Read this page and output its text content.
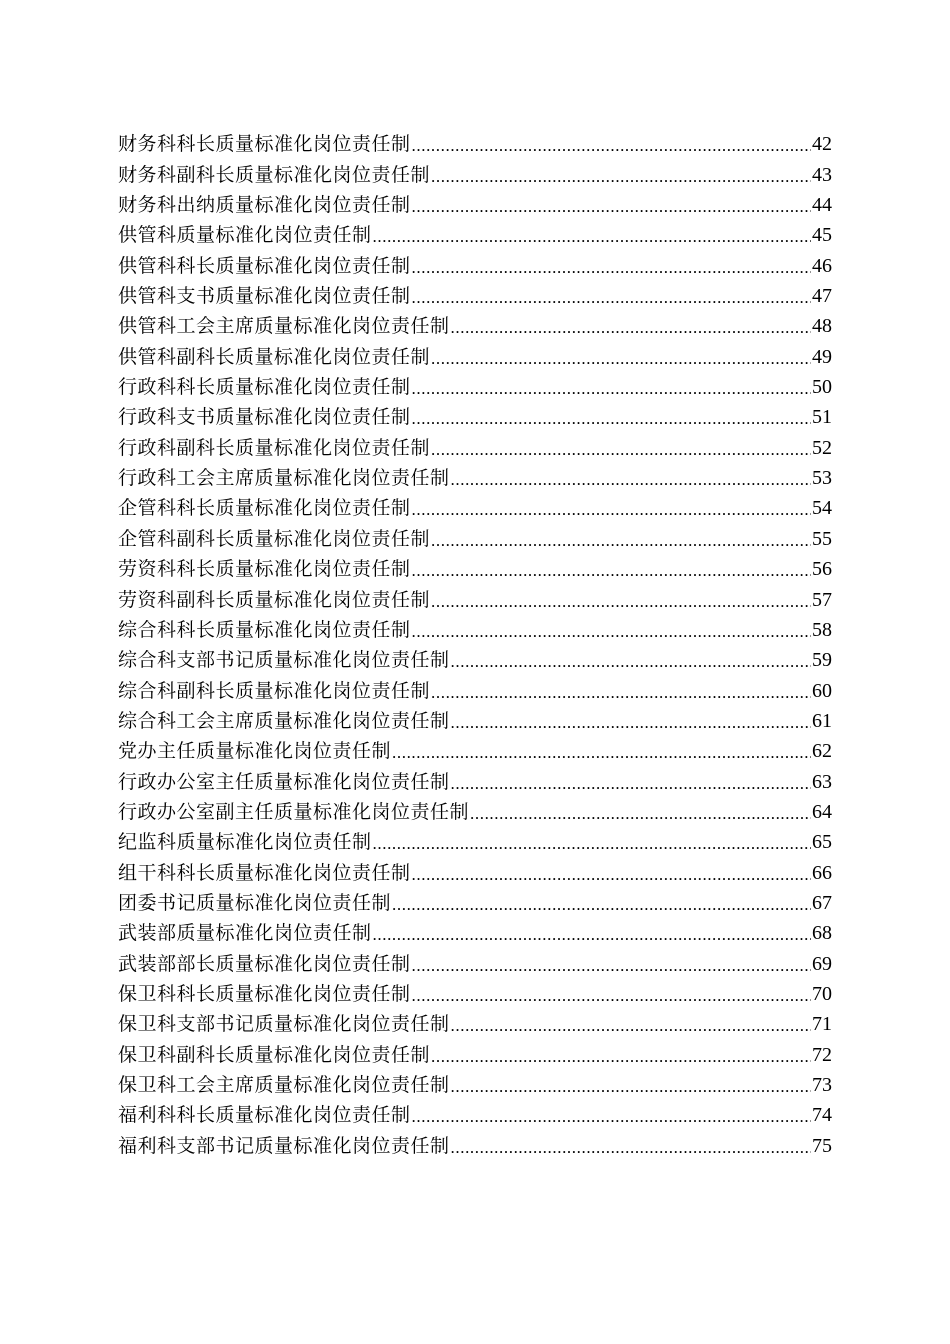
财务科科长质量标准化岗位责任制 .....	42
财务科副科长质量标准化岗位责任制 .....	43
财务科出纳质量标准化岗位责任制 .....	44
供管科质量标准化岗位责任制 .....	45
供管科科长质量标准化岗位责任制 .....	46
供管科支书质量标准化岗位责任制 .....	47
供管科工会主席质量标准化岗位责任制 .....	48
供管科副科长质量标准化岗位责任制 .....	49
行政科科长质量标准化岗位责任制 .....	50
行政科支书质量标准化岗位责任制 .....	51
行政科副科长质量标准化岗位责任制 .....	52
行政科工会主席质量标准化岗位责任制 .....	53
企管科科长质量标准化岗位责任制 .....	54
企管科副科长质量标准化岗位责任制 .....	55
劳资科科长质量标准化岗位责任制 .....	56
劳资科副科长质量标准化岗位责任制 .....	57
综合科科长质量标准化岗位责任制 .....	58
综合科支部书记质量标准化岗位责任制 .....	59
综合科副科长质量标准化岗位责任制 .....	60
综合科工会主席质量标准化岗位责任制 .....	61
党办主任质量标准化岗位责任制 .....	62
行政办公室主任质量标准化岗位责任制 .....	63
行政办公室副主任质量标准化岗位责任制 .....	64
纪监科质量标准化岗位责任制 .....	65
组干科科长质量标准化岗位责任制 .....	66
团委书记质量标准化岗位责任制 .....	67
武装部质量标准化岗位责任制 .....	68
武装部部长质量标准化岗位责任制 .....	69
保卫科科长质量标准化岗位责任制 .....	70
保卫科支部书记质量标准化岗位责任制 .....	71
保卫科副科长质量标准化岗位责任制 .....	72
保卫科工会主席质量标准化岗位责任制 .....	73
福利科科长质量标准化岗位责任制 .....	74
福利科支部书记质量标准化岗位责任制 .....	75
